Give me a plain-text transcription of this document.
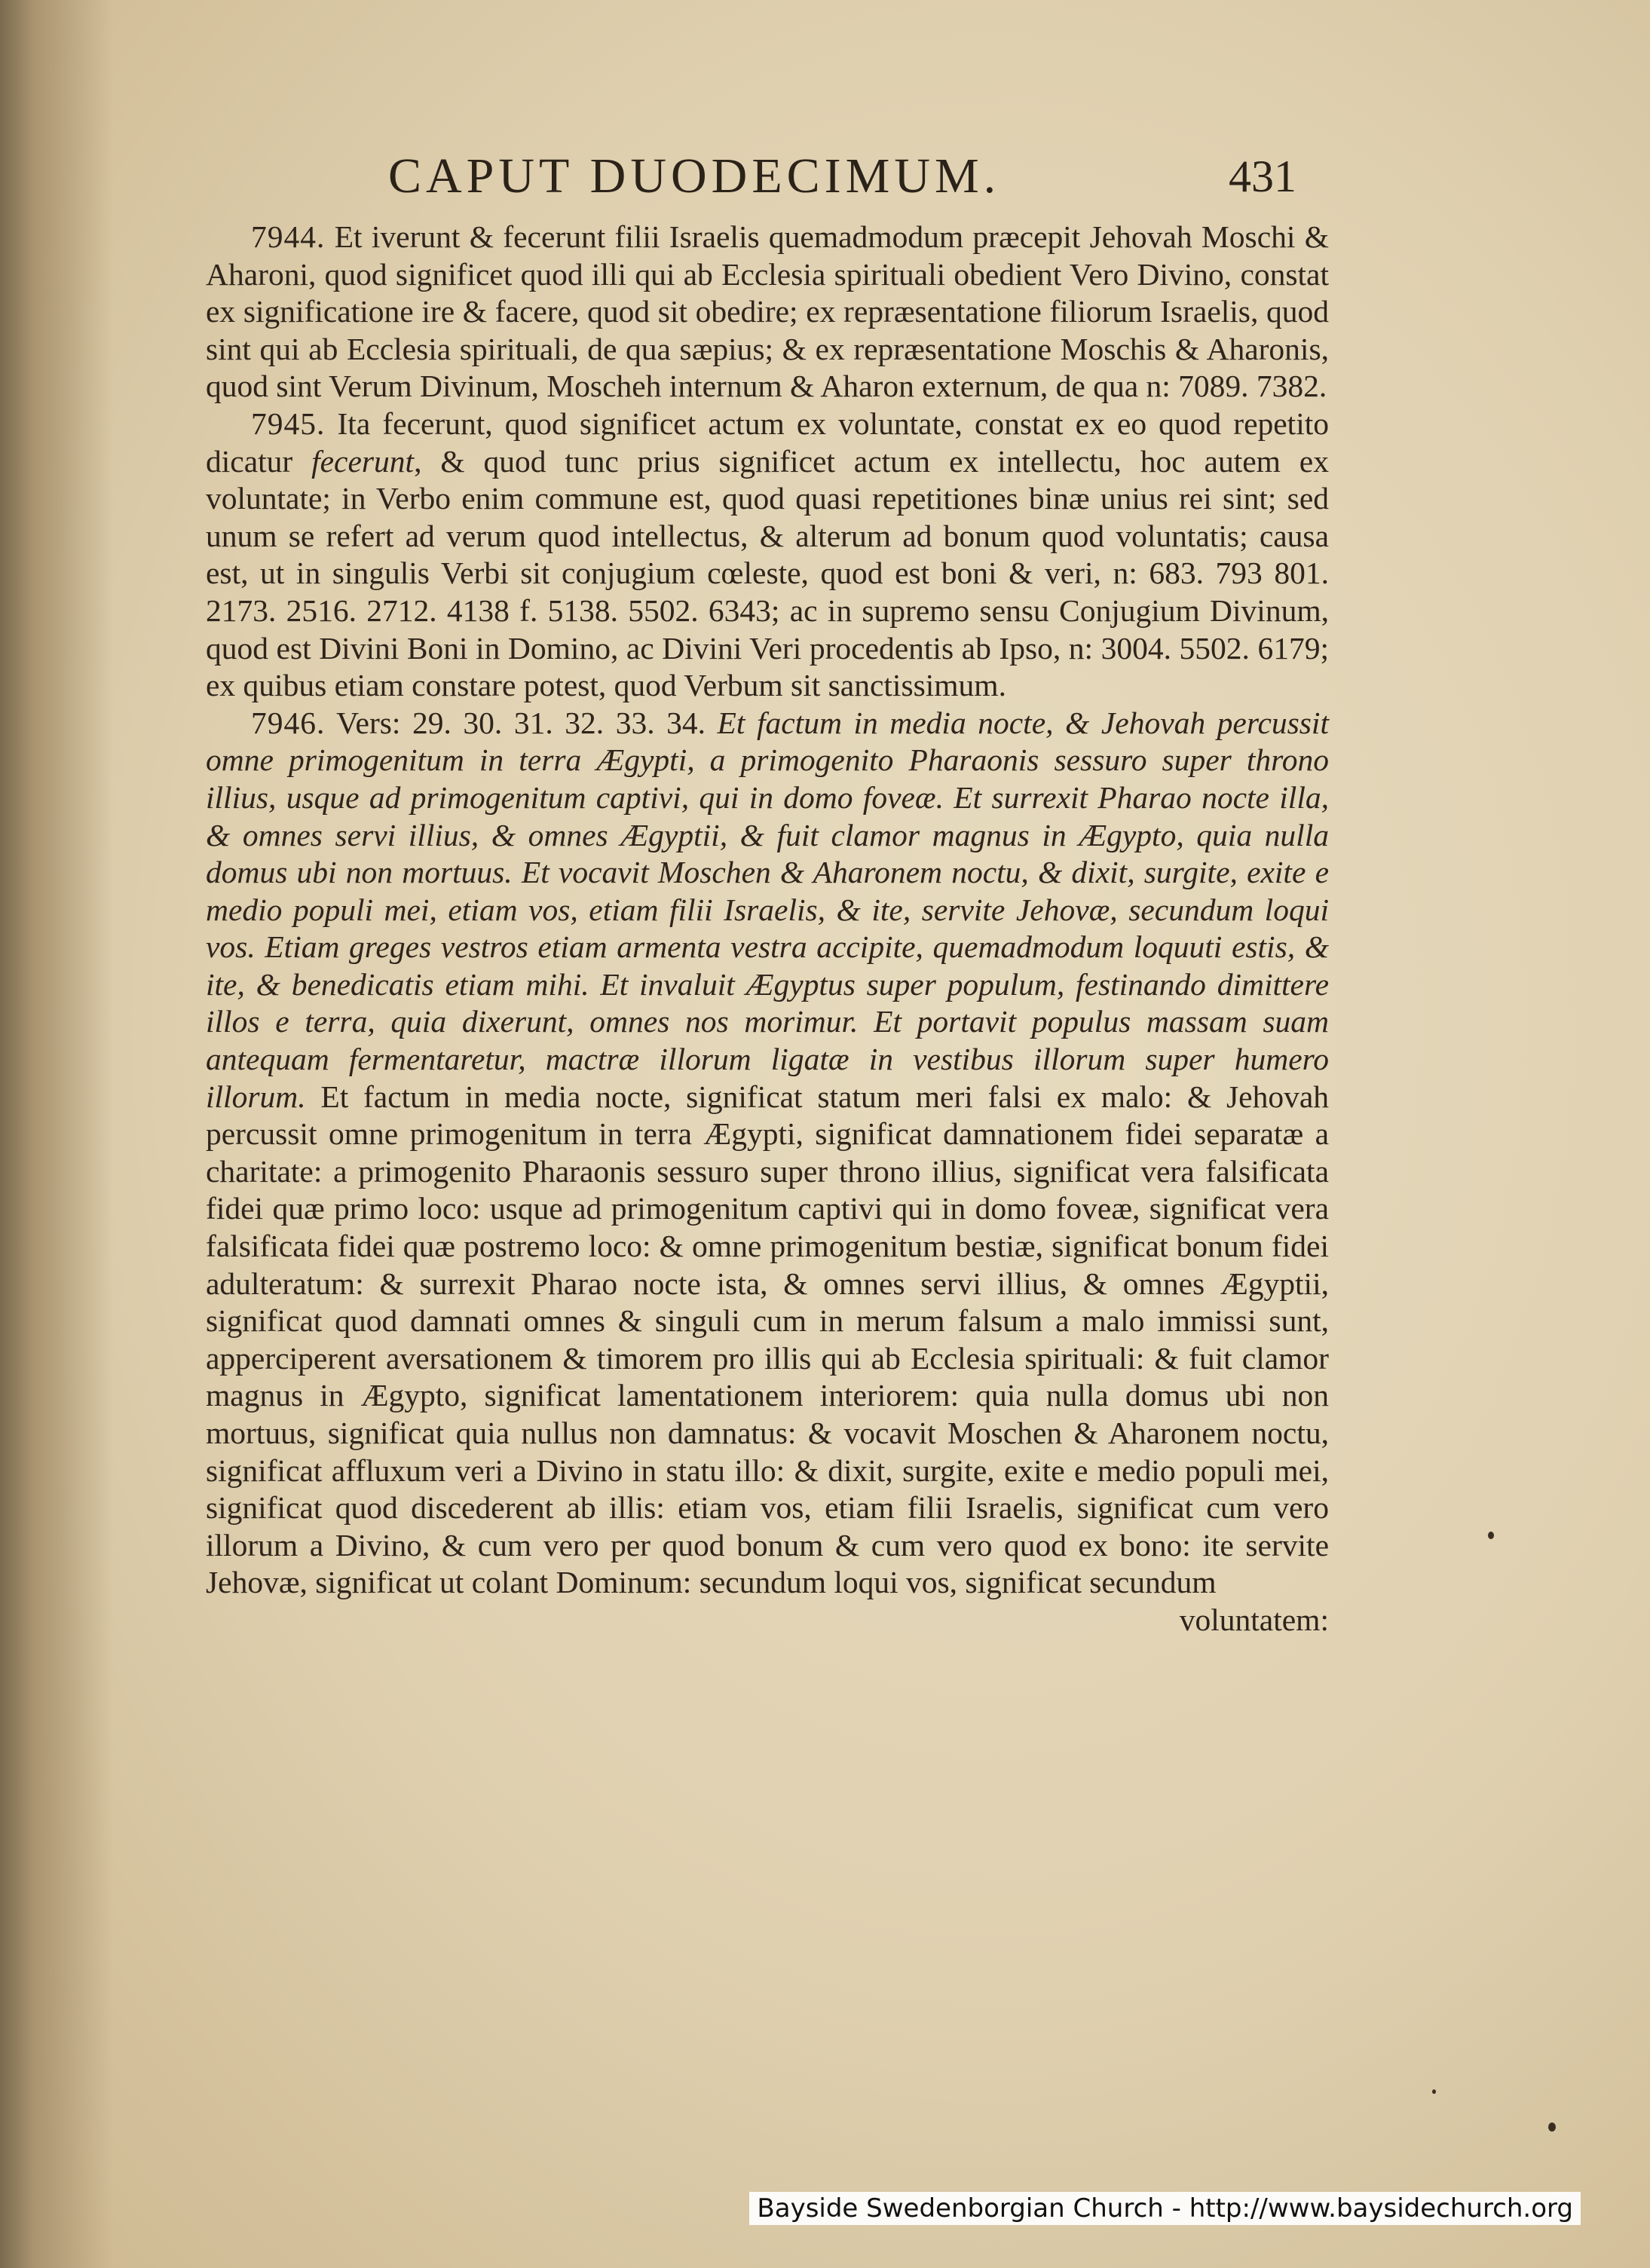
CAPUT DUODECIMUM.	431

7944. Et iverunt & fecerunt filii Israelis quemadmodum præcepit Jehovah Moschi & Aharoni, quod significet quod illi qui ab Ecclesia spirituali obedient Vero Divino, constat ex significatione ire & facere, quod sit obedire; ex repræsentatione filiorum Israelis, quod sint qui ab Ecclesia spirituali, de qua sæpius; & ex repræsentatione Moschis & Aharonis, quod sint Verum Divinum, Moscheh internum & Aharon externum, de qua n: 7089. 7382.

7945. Ita fecerunt, quod significet actum ex voluntate, constat ex eo quod repetito dicatur fecerunt, & quod tunc prius significet actum ex intellectu, hoc autem ex voluntate; in Verbo enim commune est, quod quasi repetitiones binæ unius rei sint; sed unum se refert ad verum quod intellectus, & alterum ad bonum quod voluntatis; causa est, ut in singulis Verbi sit conjugium cœleste, quod est boni & veri, n: 683. 793 801. 2173. 2516. 2712. 4138 f. 5138. 5502. 6343; ac in supremo sensu Conjugium Divinum, quod est Divini Boni in Domino, ac Divini Veri procedentis ab Ipso, n: 3004. 5502. 6179; ex quibus etiam constare potest, quod Verbum sit sanctissimum.

7946. Vers: 29. 30. 31. 32. 33. 34. Et factum in media nocte, & Jehovah percussit omne primogenitum in terra Ægypti, a primogenito Pharaonis sessuro super throno illius, usque ad primogenitum captivi, qui in domo foveæ. Et surrexit Pharao nocte illa, & omnes servi illius, & omnes Ægyptii, & fuit clamor magnus in Ægypto, quia nulla domus ubi non mortuus. Et vocavit Moschen & Aharonem noctu, & dixit, surgite, exite e medio populi mei, etiam vos, etiam filii Israelis, & ite, servite Jehovæ, secundum loqui vos. Etiam greges vestros etiam armenta vestra accipite, quemadmodum loquuti estis, & ite, & benedicatis etiam mihi. Et invaluit Ægyptus super populum, festinando dimittere illos e terra, quia dixerunt, omnes nos morimur. Et portavit populus massam suam antequam fermentaretur, mactræ illorum ligatæ in vestibus illorum super humero illorum. Et factum in media nocte, significat statum meri falsi ex malo: & Jehovah percussit omne primogenitum in terra Ægypti, significat damnationem fidei separatæ a charitate: a primogenito Pharaonis sessuro super throno illius, significat vera falsificata fidei quæ primo loco: usque ad primogenitum captivi qui in domo foveæ, significat vera falsificata fidei quæ postremo loco: & omne primogenitum bestiæ, significat bonum fidei adulteratum: & surrexit Pharao nocte ista, & omnes servi illius, & omnes Ægyptii, significat quod damnati omnes & singuli cum in merum falsum a malo immissi sunt, apperciperent aversationem & timorem pro illis qui ab Ecclesia spirituali: & fuit clamor magnus in Ægypto, significat lamentationem interiorem: quia nulla domus ubi non mortuus, significat quia nullus non damnatus: & vocavit Moschen & Aharonem noctu, significat affluxum veri a Divino in statu illo: & dixit, surgite, exite e medio populi mei, significat quod discederent ab illis: etiam vos, etiam filii Israelis, significat cum vero illorum a Divino, & cum vero per quod bonum & cum vero quod ex bono: ite servite Jehovæ, significat ut colant Dominum: secundum loqui vos, significat secundum

voluntatem:

Bayside Swedenborgian Church - http://www.baysidechurch.org
